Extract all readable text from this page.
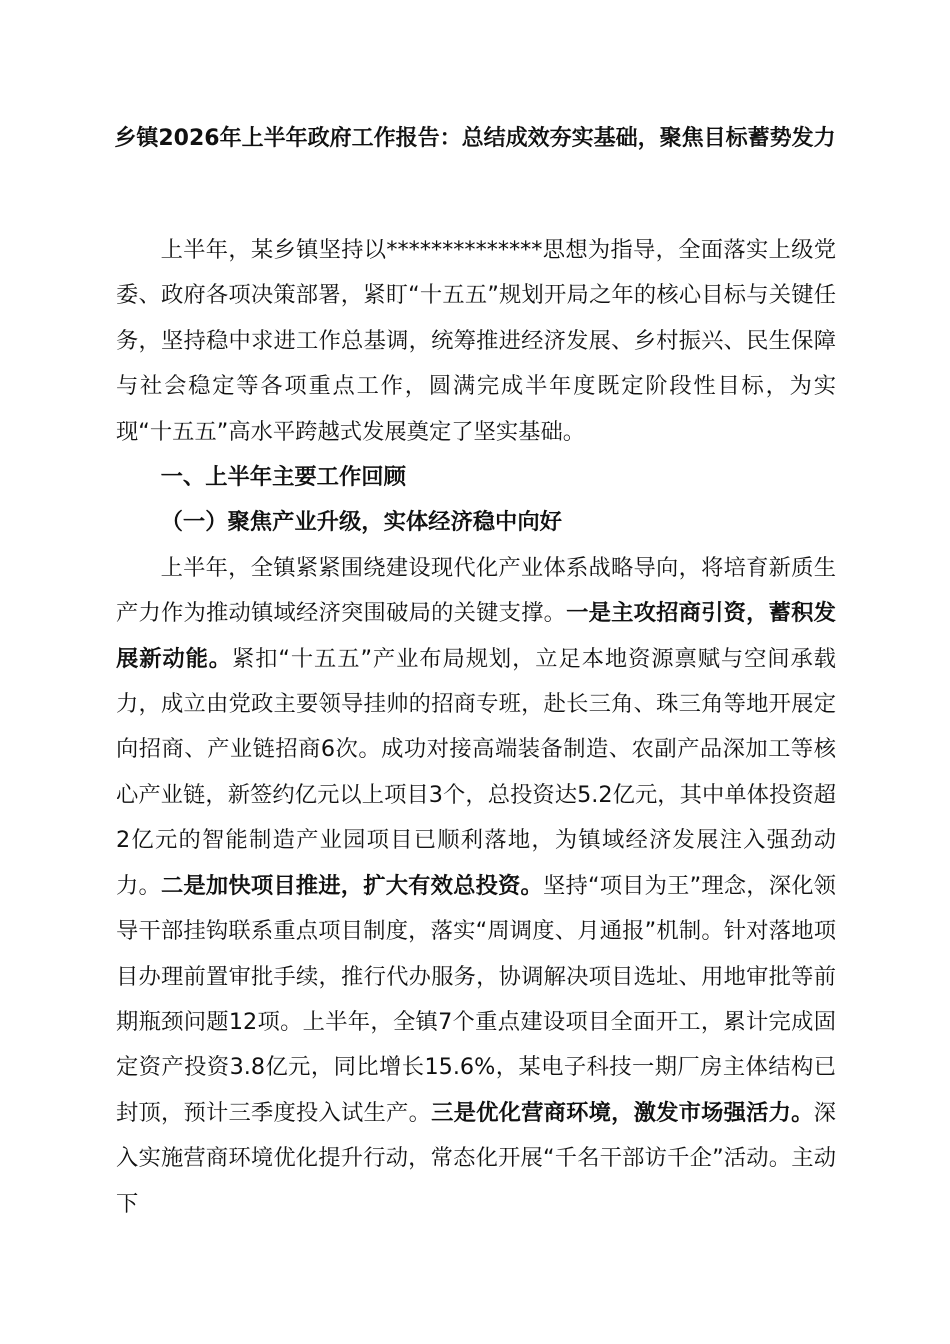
乡镇2026年上半年政府工作报告：总结成效夯实基础，聚焦目标蓄势发力

上半年，某乡镇坚持以**************思想为指导，全面落实上级党委、政府各项决策部署，紧盯“十五五”规划开局之年的核心目标与关键任务，坚持稳中求进工作总基调，统筹推进经济发展、乡村振兴、民生保障与社会稳定等各项重点工作，圆满完成半年度既定阶段性目标，为实现“十五五”高水平跨越式发展奠定了坚实基础。

一、上半年主要工作回顾

（一）聚焦产业升级，实体经济稳中向好

上半年，全镇紧紧围绕建设现代化产业体系战略导向，将培育新质生产力作为推动镇域经济突围破局的关键支撑。一是主攻招商引资，蓄积发展新动能。紧扣“十五五”产业布局规划，立足本地资源禀赋与空间承载力，成立由党政主要领导挂帅的招商专班，赴长三角、珠三角等地开展定向招商、产业链招商6次。成功对接高端装备制造、农副产品深加工等核心产业链，新签约亿元以上项目3个，总投资达5.2亿元，其中单体投资超2亿元的智能制造产业园项目已顺利落地，为镇域经济发展注入强劲动力。二是加快项目推进，扩大有效总投资。坚持“项目为王”理念，深化领导干部挂钩联系重点项目制度，落实“周调度、月通报”机制。针对落地项目办理前置审批手续，推行代办服务，协调解决项目选址、用地审批等前期瓶颈问题12项。上半年，全镇7个重点建设项目全面开工，累计完成固定资产投资3.8亿元，同比增长15.6%，某电子科技一期厂房主体结构已封顶，预计三季度投入试生产。三是优化营商环境，激发市场强活力。深入实施营商环境优化提升行动，常态化开展“千名干部访千企”活动。主动下
